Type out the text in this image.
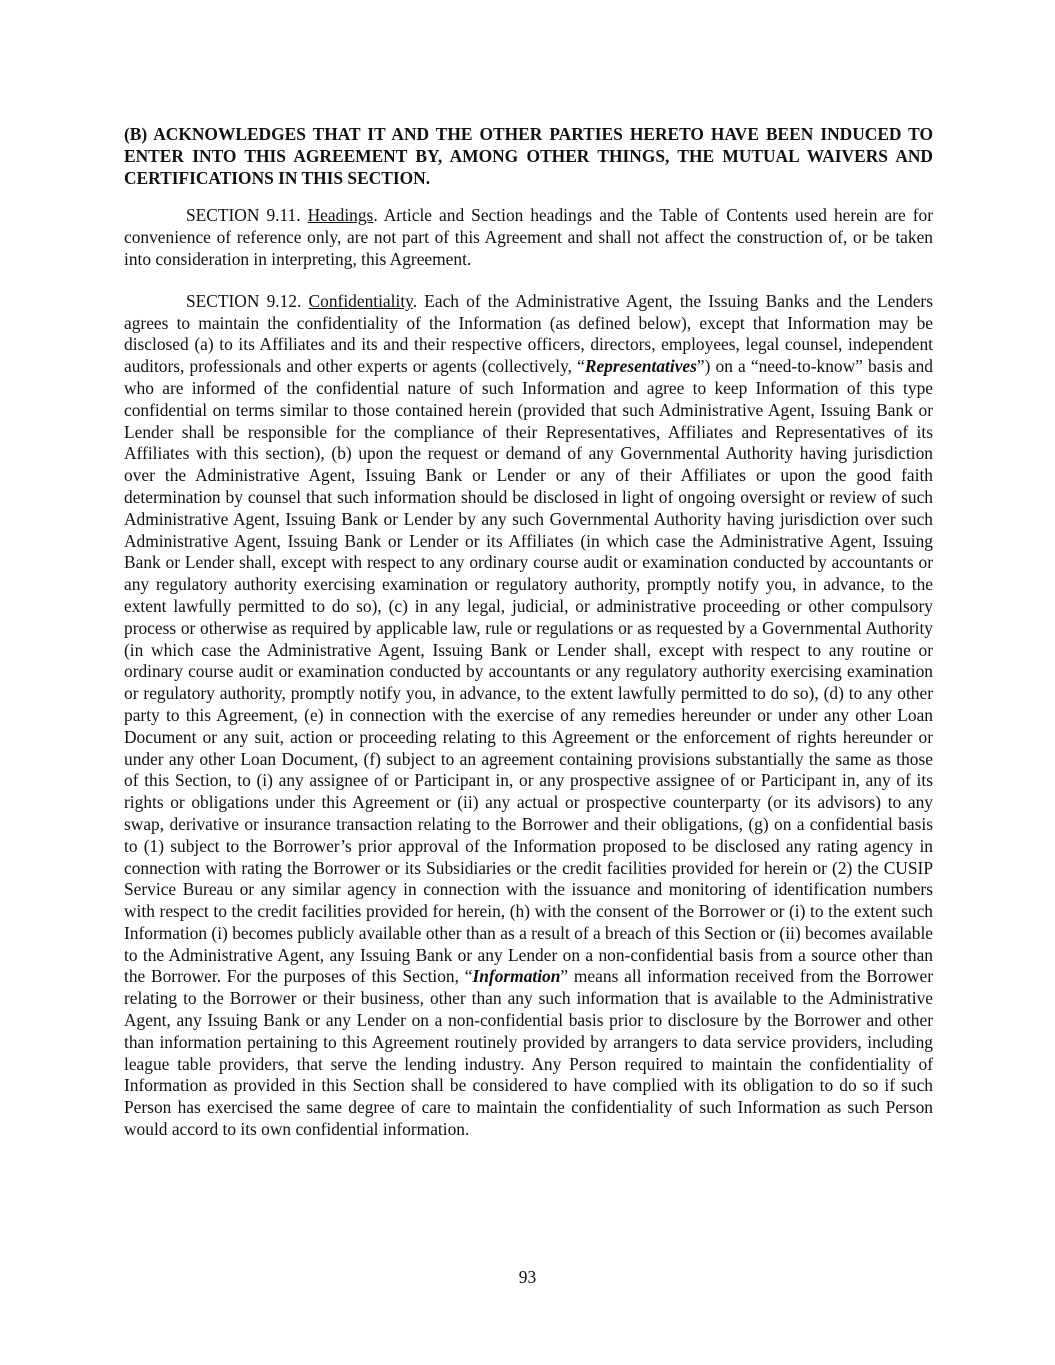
(B) ACKNOWLEDGES THAT IT AND THE OTHER PARTIES HERETO HAVE BEEN INDUCED TO ENTER INTO THIS AGREEMENT BY, AMONG OTHER THINGS, THE MUTUAL WAIVERS AND CERTIFICATIONS IN THIS SECTION.

SECTION 9.11. Headings. Article and Section headings and the Table of Contents used herein are for convenience of reference only, are not part of this Agreement and shall not affect the construction of, or be taken into consideration in interpreting, this Agreement.

SECTION 9.12. Confidentiality. Each of the Administrative Agent, the Issuing Banks and the Lenders agrees to maintain the confidentiality of the Information (as defined below), except that Information may be disclosed (a) to its Affiliates and its and their respective officers, directors, employees, legal counsel, independent auditors, professionals and other experts or agents (collectively, “Representatives”) on a “need-to-know” basis and who are informed of the confidential nature of such Information and agree to keep Information of this type confidential on terms similar to those contained herein (provided that such Administrative Agent, Issuing Bank or Lender shall be responsible for the compliance of their Representatives, Affiliates and Representatives of its Affiliates with this section), (b) upon the request or demand of any Governmental Authority having jurisdiction over the Administrative Agent, Issuing Bank or Lender or any of their Affiliates or upon the good faith determination by counsel that such information should be disclosed in light of ongoing oversight or review of such Administrative Agent, Issuing Bank or Lender by any such Governmental Authority having jurisdiction over such Administrative Agent, Issuing Bank or Lender or its Affiliates (in which case the Administrative Agent, Issuing Bank or Lender shall, except with respect to any ordinary course audit or examination conducted by accountants or any regulatory authority exercising examination or regulatory authority, promptly notify you, in advance, to the extent lawfully permitted to do so), (c) in any legal, judicial, or administrative proceeding or other compulsory process or otherwise as required by applicable law, rule or regulations or as requested by a Governmental Authority (in which case the Administrative Agent, Issuing Bank or Lender shall, except with respect to any routine or ordinary course audit or examination conducted by accountants or any regulatory authority exercising examination or regulatory authority, promptly notify you, in advance, to the extent lawfully permitted to do so), (d) to any other party to this Agreement, (e) in connection with the exercise of any remedies hereunder or under any other Loan Document or any suit, action or proceeding relating to this Agreement or the enforcement of rights hereunder or under any other Loan Document, (f) subject to an agreement containing provisions substantially the same as those of this Section, to (i) any assignee of or Participant in, or any prospective assignee of or Participant in, any of its rights or obligations under this Agreement or (ii) any actual or prospective counterparty (or its advisors) to any swap, derivative or insurance transaction relating to the Borrower and their obligations, (g) on a confidential basis to (1) subject to the Borrower’s prior approval of the Information proposed to be disclosed any rating agency in connection with rating the Borrower or its Subsidiaries or the credit facilities provided for herein or (2) the CUSIP Service Bureau or any similar agency in connection with the issuance and monitoring of identification numbers with respect to the credit facilities provided for herein, (h) with the consent of the Borrower or (i) to the extent such Information (i) becomes publicly available other than as a result of a breach of this Section or (ii) becomes available to the Administrative Agent, any Issuing Bank or any Lender on a non-confidential basis from a source other than the Borrower. For the purposes of this Section, “Information” means all information received from the Borrower relating to the Borrower or their business, other than any such information that is available to the Administrative Agent, any Issuing Bank or any Lender on a non-confidential basis prior to disclosure by the Borrower and other than information pertaining to this Agreement routinely provided by arrangers to data service providers, including league table providers, that serve the lending industry. Any Person required to maintain the confidentiality of Information as provided in this Section shall be considered to have complied with its obligation to do so if such Person has exercised the same degree of care to maintain the confidentiality of such Information as such Person would accord to its own confidential information.

93
